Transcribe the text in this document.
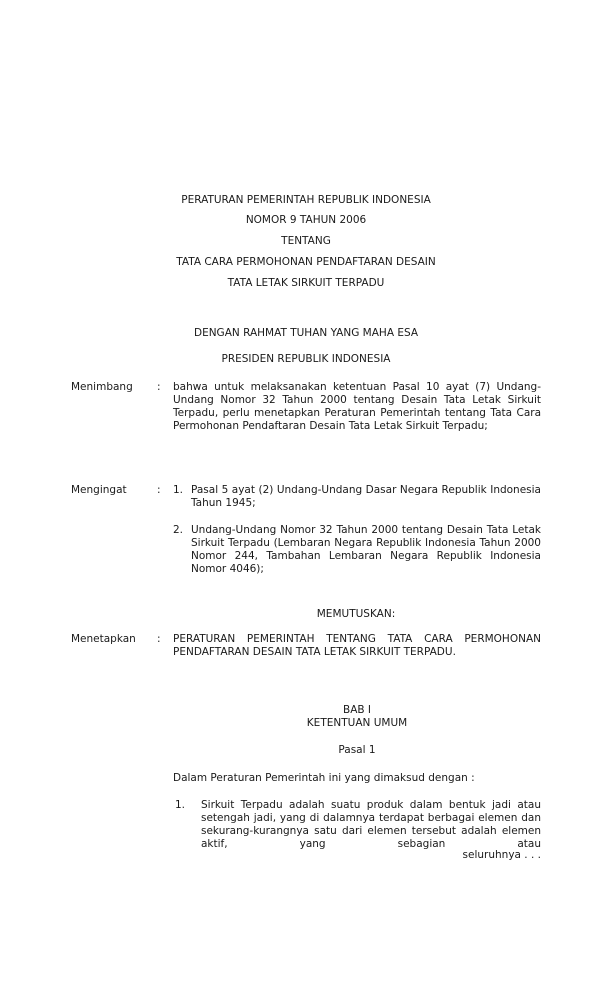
PERATURAN PEMERINTAH REPUBLIK INDONESIA
NOMOR 9 TAHUN 2006
TENTANG
TATA CARA PERMOHONAN PENDAFTARAN DESAIN
TATA LETAK SIRKUIT TERPADU
DENGAN RAHMAT TUHAN YANG MAHA ESA
PRESIDEN REPUBLIK INDONESIA
Menimbang : bahwa untuk melaksanakan ketentuan Pasal 10 ayat (7) Undang-Undang Nomor 32 Tahun 2000 tentang Desain Tata Letak Sirkuit Terpadu, perlu menetapkan Peraturan Pemerintah tentang Tata Cara Permohonan Pendaftaran Desain Tata Letak Sirkuit Terpadu;
Mengingat	: 1. Pasal 5 ayat (2) Undang-Undang Dasar Negara Republik Indonesia Tahun 1945;
2. Undang-Undang Nomor 32 Tahun 2000 tentang Desain Tata Letak Sirkuit Terpadu (Lembaran Negara Republik Indonesia Tahun 2000 Nomor 244, Tambahan Lembaran Negara Republik Indonesia Nomor 4046);
MEMUTUSKAN:
Menetapkan : PERATURAN PEMERINTAH TENTANG TATA CARA PERMOHONAN PENDAFTARAN DESAIN TATA LETAK SIRKUIT TERPADU.
BAB I
KETENTUAN UMUM
Pasal 1
Dalam Peraturan Pemerintah ini yang dimaksud dengan :
1. Sirkuit Terpadu adalah suatu produk dalam bentuk jadi atau setengah jadi, yang di dalamnya terdapat berbagai elemen dan sekurang-kurangnya satu dari elemen tersebut adalah elemen aktif, yang sebagian atau
seluruhnya . . .
